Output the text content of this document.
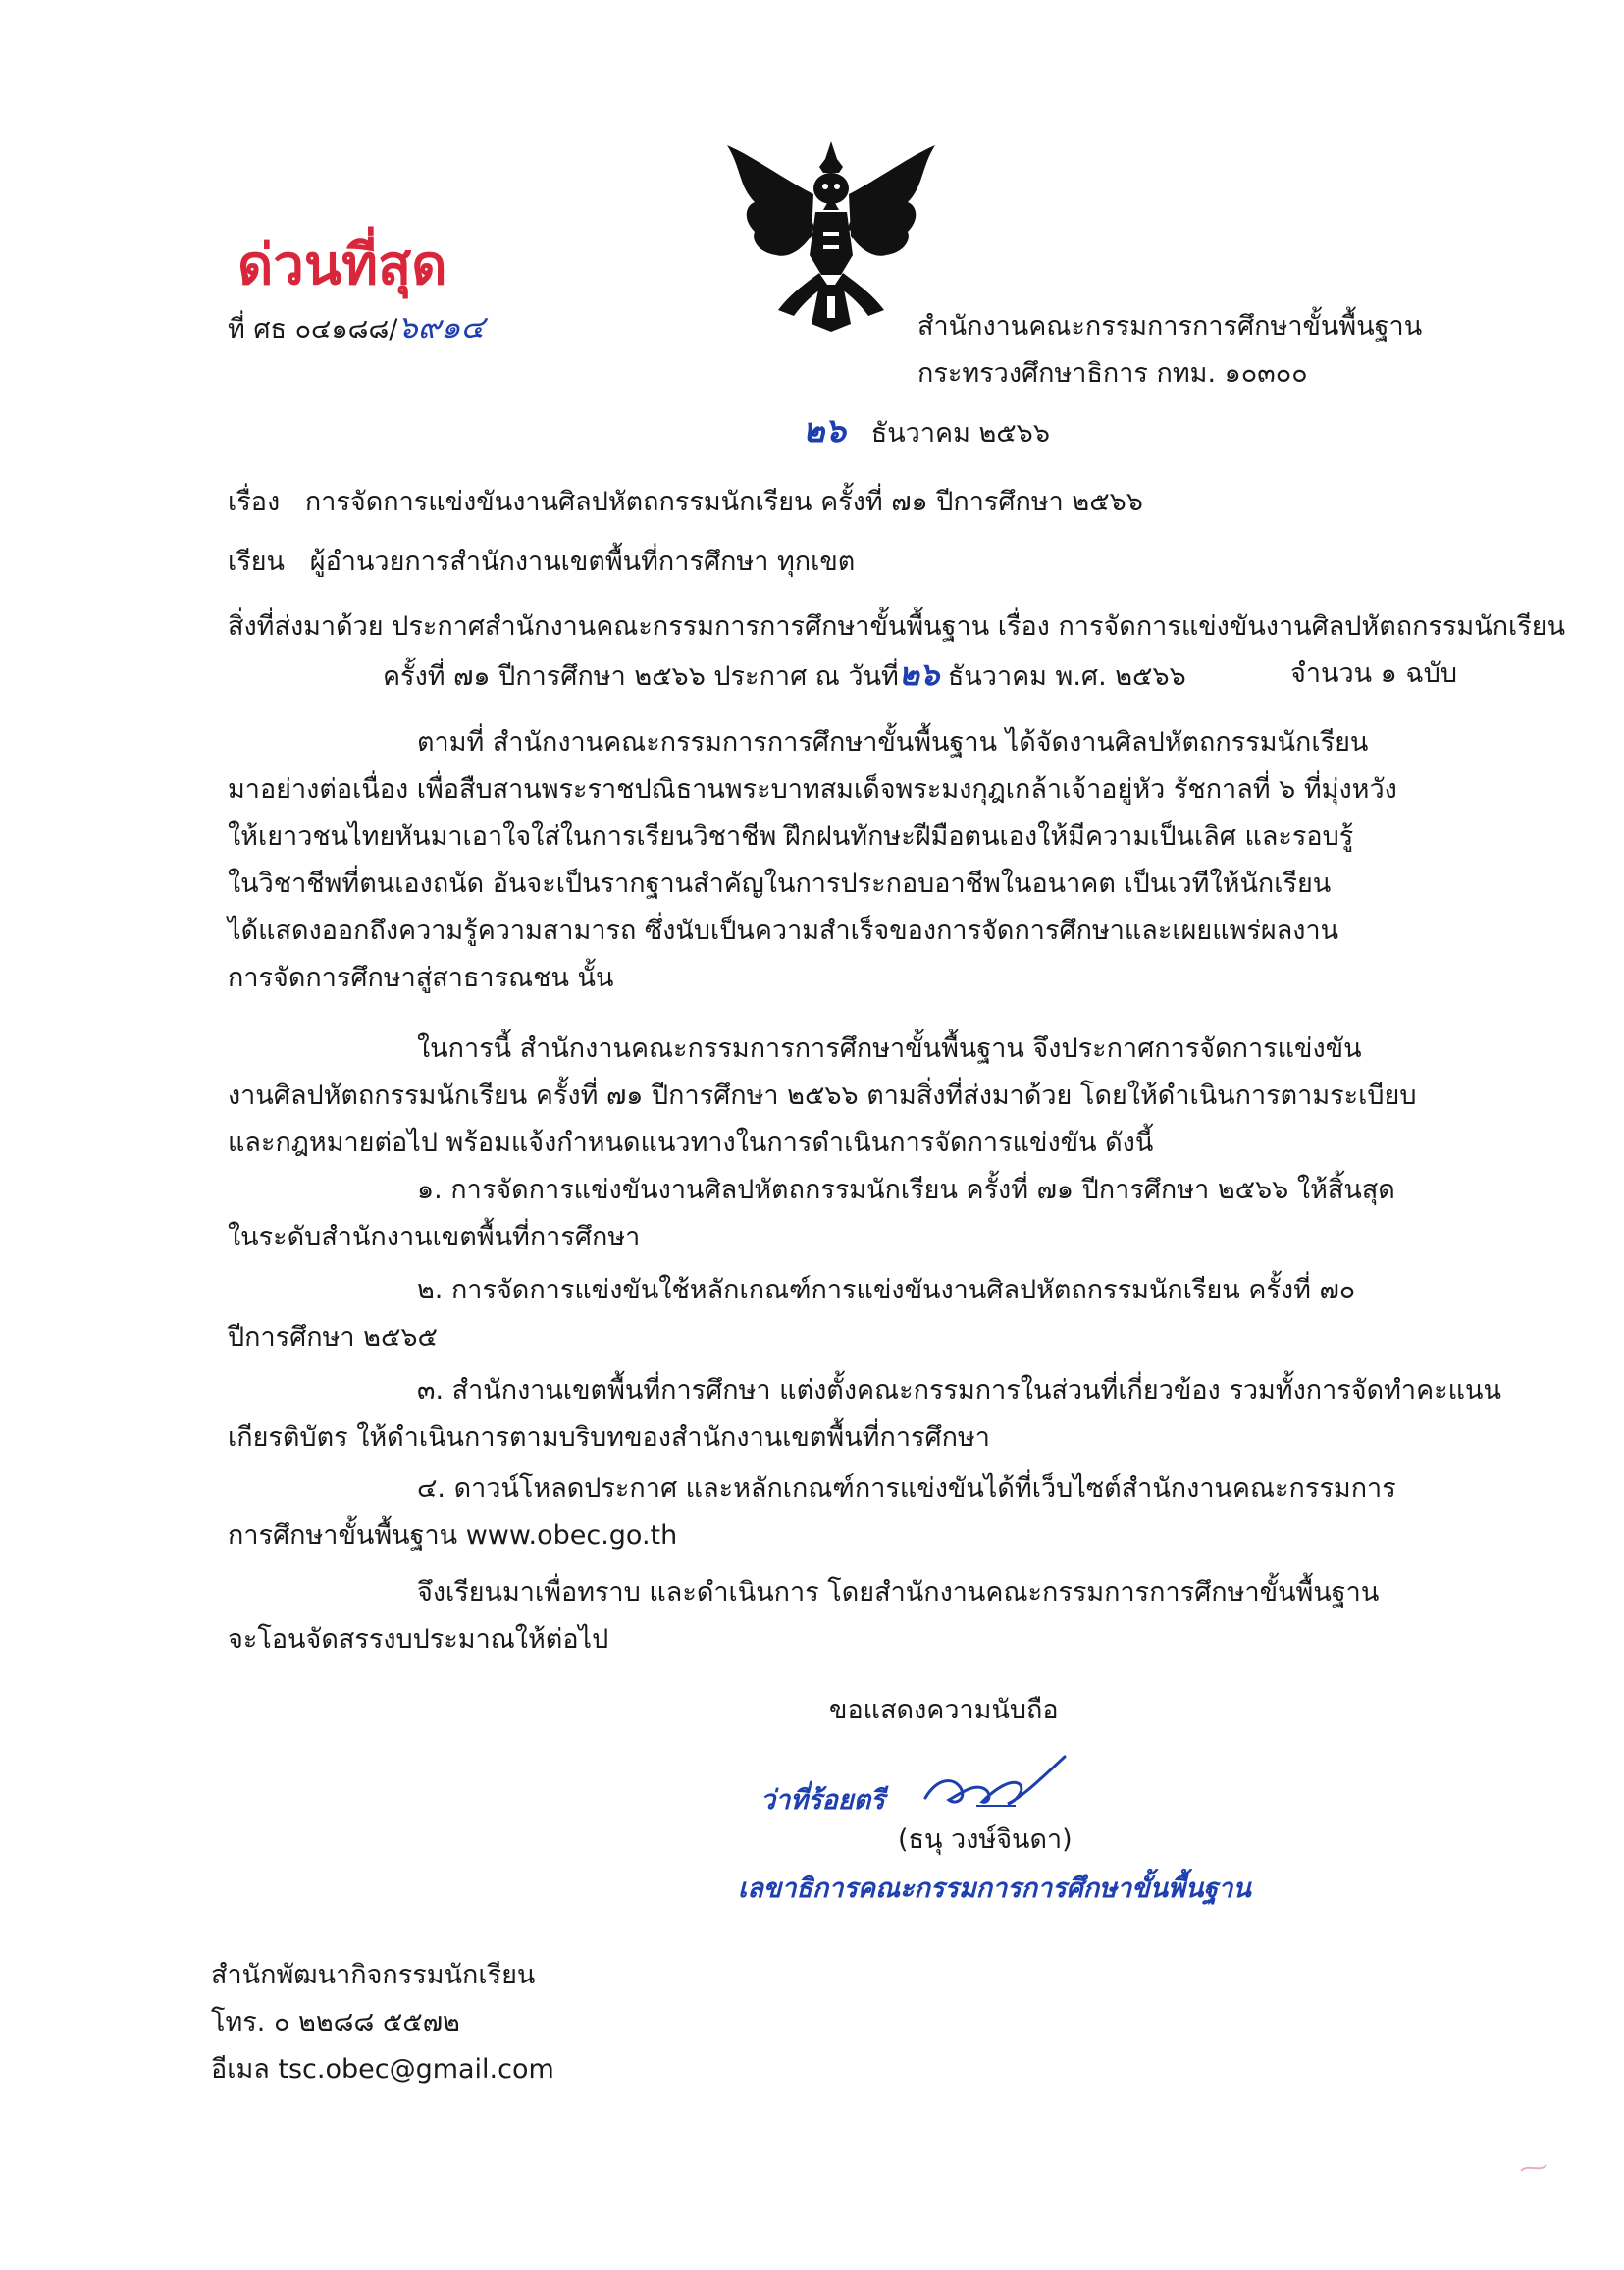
ด่วนที่สุด
ที่ ศธ ๐๔๑๘๘/๖๙๑๔	สำนักงานคณะกรรมการการศึกษาขั้นพื้นฐาน
กระทรวงศึกษาธิการ กทม. ๑๐๓๐๐
๒๖ ธันวาคม ๒๕๖๖
เรื่อง การจัดการแข่งขันงานศิลปหัตถกรรมนักเรียน ครั้งที่ ๗๑ ปีการศึกษา ๒๕๖๖
เรียน ผู้อำนวยการสำนักงานเขตพื้นที่การศึกษา ทุกเขต
สิ่งที่ส่งมาด้วย ประกาศสำนักงานคณะกรรมการการศึกษาขั้นพื้นฐาน เรื่อง การจัดการแข่งขันงานศิลปหัตถกรรมนักเรียน
ครั้งที่ ๗๑ ปีการศึกษา ๒๕๖๖ ประกาศ ณ วันที่๒๖ ธันวาคม พ.ศ. ๒๕๖๖	จำนวน ๑ ฉบับ
ตามที่ สำนักงานคณะกรรมการการศึกษาขั้นพื้นฐาน ได้จัดงานศิลปหัตถกรรมนักเรียน
มาอย่างต่อเนื่อง เพื่อสืบสานพระราชปณิธานพระบาทสมเด็จพระมงกุฎเกล้าเจ้าอยู่หัว รัชกาลที่ ๖ ที่มุ่งหวัง
ให้เยาวชนไทยหันมาเอาใจใส่ในการเรียนวิชาชีพ ฝึกฝนทักษะฝีมือตนเองให้มีความเป็นเลิศ และรอบรู้
ในวิชาชีพที่ตนเองถนัด อันจะเป็นรากฐานสำคัญในการประกอบอาชีพในอนาคต เป็นเวทีให้นักเรียน
ได้แสดงออกถึงความรู้ความสามารถ ซึ่งนับเป็นความสำเร็จของการจัดการศึกษาและเผยแพร่ผลงาน
การจัดการศึกษาสู่สาธารณชน นั้น
ในการนี้ สำนักงานคณะกรรมการการศึกษาขั้นพื้นฐาน จึงประกาศการจัดการแข่งขัน
งานศิลปหัตถกรรมนักเรียน ครั้งที่ ๗๑ ปีการศึกษา ๒๕๖๖ ตามสิ่งที่ส่งมาด้วย โดยให้ดำเนินการตามระเบียบ
และกฎหมายต่อไป พร้อมแจ้งกำหนดแนวทางในการดำเนินการจัดการแข่งขัน ดังนี้
๑. การจัดการแข่งขันงานศิลปหัตถกรรมนักเรียน ครั้งที่ ๗๑ ปีการศึกษา ๒๕๖๖ ให้สิ้นสุด
ในระดับสำนักงานเขตพื้นที่การศึกษา
๒. การจัดการแข่งขันใช้หลักเกณฑ์การแข่งขันงานศิลปหัตถกรรมนักเรียน ครั้งที่ ๗๐
ปีการศึกษา ๒๕๖๕
๓. สำนักงานเขตพื้นที่การศึกษา แต่งตั้งคณะกรรมการในส่วนที่เกี่ยวข้อง รวมทั้งการจัดทำคะแนน
เกียรติบัตร ให้ดำเนินการตามบริบทของสำนักงานเขตพื้นที่การศึกษา
๔. ดาวน์โหลดประกาศ และหลักเกณฑ์การแข่งขันได้ที่เว็บไซต์สำนักงานคณะกรรมการ
การศึกษาขั้นพื้นฐาน www.obec.go.th
จึงเรียนมาเพื่อทราบ และดำเนินการ โดยสำนักงานคณะกรรมการการศึกษาขั้นพื้นฐาน
จะโอนจัดสรรงบประมาณให้ต่อไป
ขอแสดงความนับถือ
ว่าที่ร้อยตรี
(ธนุ วงษ์จินดา)
เลขาธิการคณะกรรมการการศึกษาขั้นพื้นฐาน
สำนักพัฒนากิจกรรมนักเรียน
โทร. ๐ ๒๒๘๘ ๕๕๗๒
อีเมล tsc.obec@gmail.com
